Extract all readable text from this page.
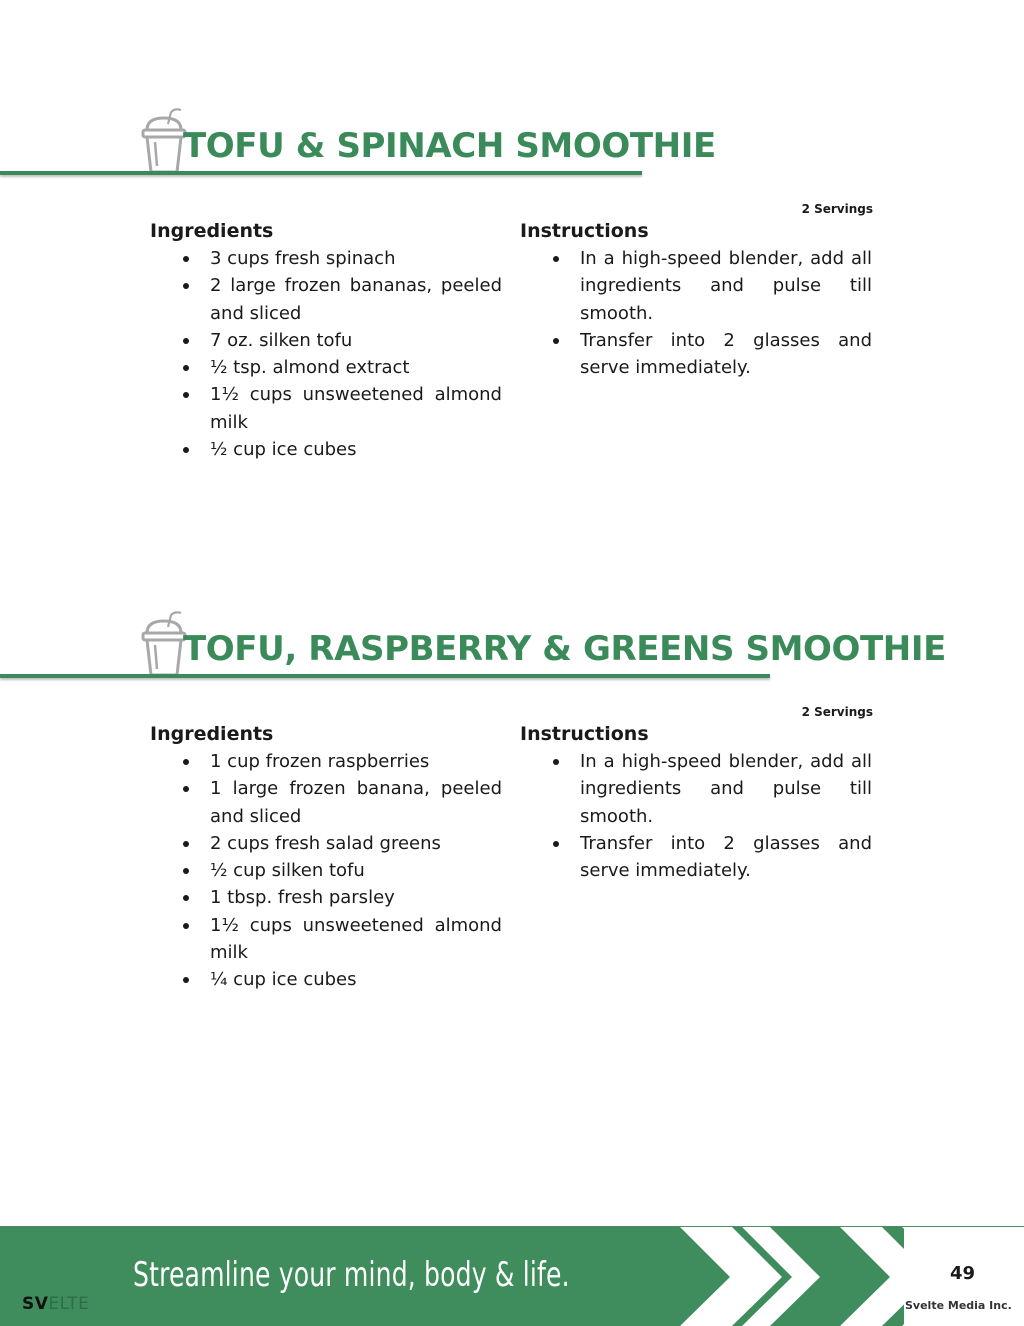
TOFU & SPINACH SMOOTHIE
2 Servings

Ingredients

3 cups fresh spinach
2 large frozen bananas, peeled and sliced
7 oz. silken tofu
½ tsp. almond extract
1½ cups unsweetened almond milk
½ cup ice cubes

Instructions

In a high-speed blender, add all ingredients and pulse till smooth.
Transfer into 2 glasses and serve immediately.
TOFU, RASPBERRY & GREENS SMOOTHIE
2 Servings

Ingredients

1 cup frozen raspberries
1 large frozen banana, peeled and sliced
2 cups fresh salad greens
½ cup silken tofu
1 tbsp. fresh parsley
1½ cups unsweetened almond milk
¼ cup ice cubes

Instructions

In a high-speed blender, add all ingredients and pulse till smooth.
Transfer into 2 glasses and serve immediately.
Streamline your mind, body & life.	49
Svelte Media Inc.
SVELTE
